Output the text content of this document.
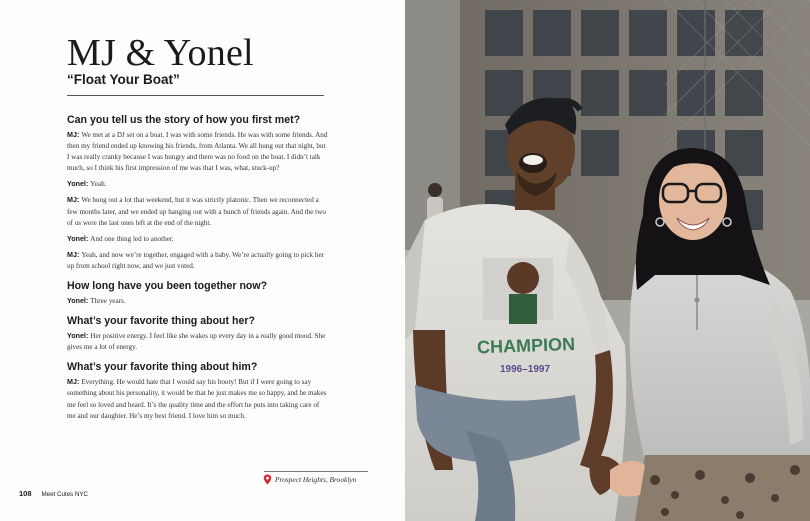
MJ & Yonel
“Float Your Boat”
Can you tell us the story of how you first met?

MJ: We met at a DJ set on a boat. I was with some friends. He was with some friends. And then my friend ended up knowing his friends, from Atlanta. We all hung out that night, but I was really cranky because I was hungry and there was no food on the boat. I didn’t talk much, so I think his first impression of me was that I was, what, stuck-up?

Yonel: Yeah.

MJ: We hung out a lot that weekend, but it was strictly platonic. Then we reconnected a few months later, and we ended up hanging out with a bunch of friends again. And the two of us were the last ones left at the end of the night.

Yonel: And one thing led to another.

MJ: Yeah, and now we’re together, engaged with a baby. We’re actually going to pick her up from school right now, and we just voted.

How long have you been together now?

Yonel: Three years.

What’s your favorite thing about her?

Yonel: Her positive energy. I feel like she wakes up every day in a really good mood. She gives me a lot of energy.

What’s your favorite thing about him?

MJ: Everything. He would hate that I would say his booty! But if I were going to say something about his personality, it would be that he just makes me so happy, and he makes me feel so loved and heard. It’s the quality time and the effort he puts into taking care of me and our daughter. He’s my best friend. I love him so much.

Prospect Heights, Brooklyn
108 Meet Cutes NYC
CHAMPION
1996–1997
